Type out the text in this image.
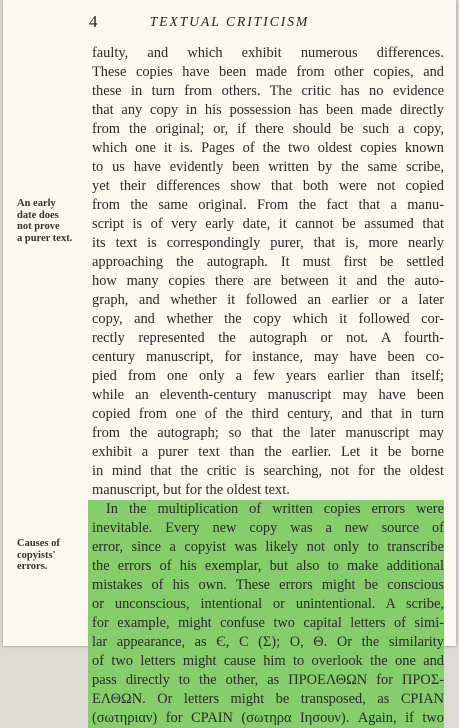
4	TEXTUAL CRITICISM
An early
date does
not prove
a purer text.
Causes of
copyists'
errors.
faulty, and which exhibit numerous differences.
These copies have been made from other copies, and
these in turn from others. The critic has no evidence
that any copy in his possession has been made directly
from the original; or, if there should be such a copy,
which one it is. Pages of the two oldest copies known
to us have evidently been written by the same scribe,
yet their differences show that both were not copied
from the same original. From the fact that a manu-
script is of very early date, it cannot be assumed that
its text is correspondingly purer, that is, more nearly
approaching the autograph. It must first be settled
how many copies there are between it and the auto-
graph, and whether it followed an earlier or a later
copy, and whether the copy which it followed cor-
rectly represented the autograph or not. A fourth-
century manuscript, for instance, may have been co-
pied from one only a few years earlier than itself;
while an eleventh-century manuscript may have been
copied from one of the third century, and that in turn
from the autograph; so that the later manuscript may
exhibit a purer text than the earlier. Let it be borne
in mind that the critic is searching, not for the oldest
manuscript, but for the oldest text.
In the multiplication of written copies errors were
inevitable. Every new copy was a new source of
error, since a copyist was likely not only to transcribe
the errors of his exemplar, but also to make additional
mistakes of his own. These errors might be conscious
or unconscious, intentional or unintentional. A scribe,
for example, might confuse two capital letters of simi-
lar appearance, as Є, C (Σ); O, Θ. Or the similarity
of two letters might cause him to overlook the one and
pass directly to the other, as ΠΡΟΕΛΘΩΝ for ΠΡΟΣ-
ΕΛΘΩΝ. Or letters might be transposed, as ϹΡΙΑΝ
(σωτηριαν) for ϹΡΑΙΝ (σωτηρα Ιησουν). Again, if two
